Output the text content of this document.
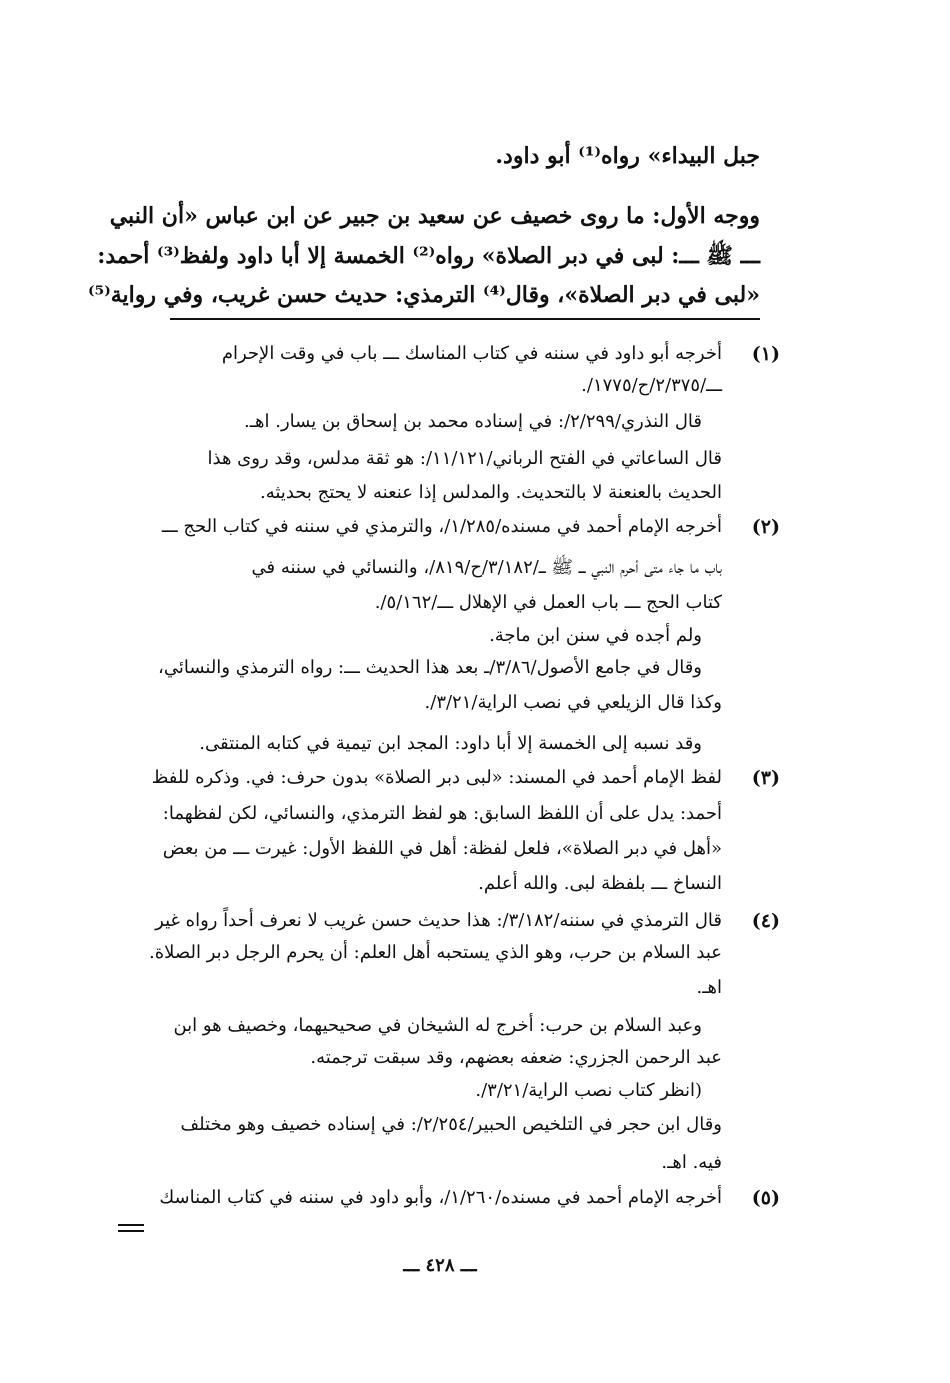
جبل البيداء» رواه⁽¹⁾ أبو داود.
ووجه الأول: ما روى خصيف عن سعيد بن جبير عن ابن عباس «أن النبي
ـــ ﷺ ـــ: لبى في دبر الصلاة» رواه⁽²⁾ الخمسة إلا أبا داود ولفظ⁽³⁾ أحمد:
«لبى في دبر الصلاة»، وقال⁽⁴⁾ الترمذي: حديث حسن غريب، وفي رواية⁽⁵⁾
(١)
أخرجه أبو داود في سننه في كتاب المناسك ـــ باب في وقت الإحرام
ـــ/٢/٣٧٥/ح/١٧٧٥/.
قال النذري/٢/٢٩٩/: في إسناده محمد بن إسحاق بن يسار. اهـ.
قال الساعاتي في الفتح الرباني/١١/١٢١/: هو ثقة مدلس، وقد روى هذا
الحديث بالعنعنة لا بالتحديث. والمدلس إذا عنعنه لا يحتج بحديثه.
(٢)
أخرجه الإمام أحمد في مسنده/١/٢٨٥/، والترمذي في سننه في كتاب الحج ـــ
باب ما جاء متى أحرم النبي ـــ ﷺ ـــ/٣/١٨٢/ح/٨١٩/، والنسائي في سننه في
كتاب الحج ـــ باب العمل في الإهلال ـــ/٥/١٦٢/.
ولم أجده في سنن ابن ماجة.
وقال في جامع الأصول/٣/٨٦/ـ بعد هذا الحديث ـــ: رواه الترمذي والنسائي،
وكذا قال الزيلعي في نصب الراية/٣/٢١/.
وقد نسبه إلى الخمسة إلا أبا داود: المجد ابن تيمية في كتابه المنتقى.
(٣)
لفظ الإمام أحمد في المسند: «لبى دبر الصلاة» بدون حرف: في. وذكره للفظ
أحمد: يدل على أن اللفظ السابق: هو لفظ الترمذي، والنسائي، لكن لفظهما:
«أهل في دبر الصلاة»، فلعل لفظة: أهل في اللفظ الأول: غيرت ـــ من بعض
النساخ ـــ بلفظة لبى. والله أعلم.
(٤)
قال الترمذي في سننه/٣/١٨٢/: هذا حديث حسن غريب لا نعرف أحداً رواه غير
عبد السلام بن حرب، وهو الذي يستحبه أهل العلم: أن يحرم الرجل دبر الصلاة.
اهـ.
وعبد السلام بن حرب: أخرج له الشيخان في صحيحيهما، وخصيف هو ابن
عبد الرحمن الجزري: ضعفه بعضهم، وقد سبقت ترجمته.
(انظر كتاب نصب الراية/٣/٢١/.
وقال ابن حجر في التلخيص الحبير/٢/٢٥٤/: في إسناده خصيف وهو مختلف
فيه. اهـ.
(٥)
أخرجه الإمام أحمد في مسنده/١/٢٦٠/، وأبو داود في سننه في كتاب المناسك
ـــ ٤٢٨ ـــ
